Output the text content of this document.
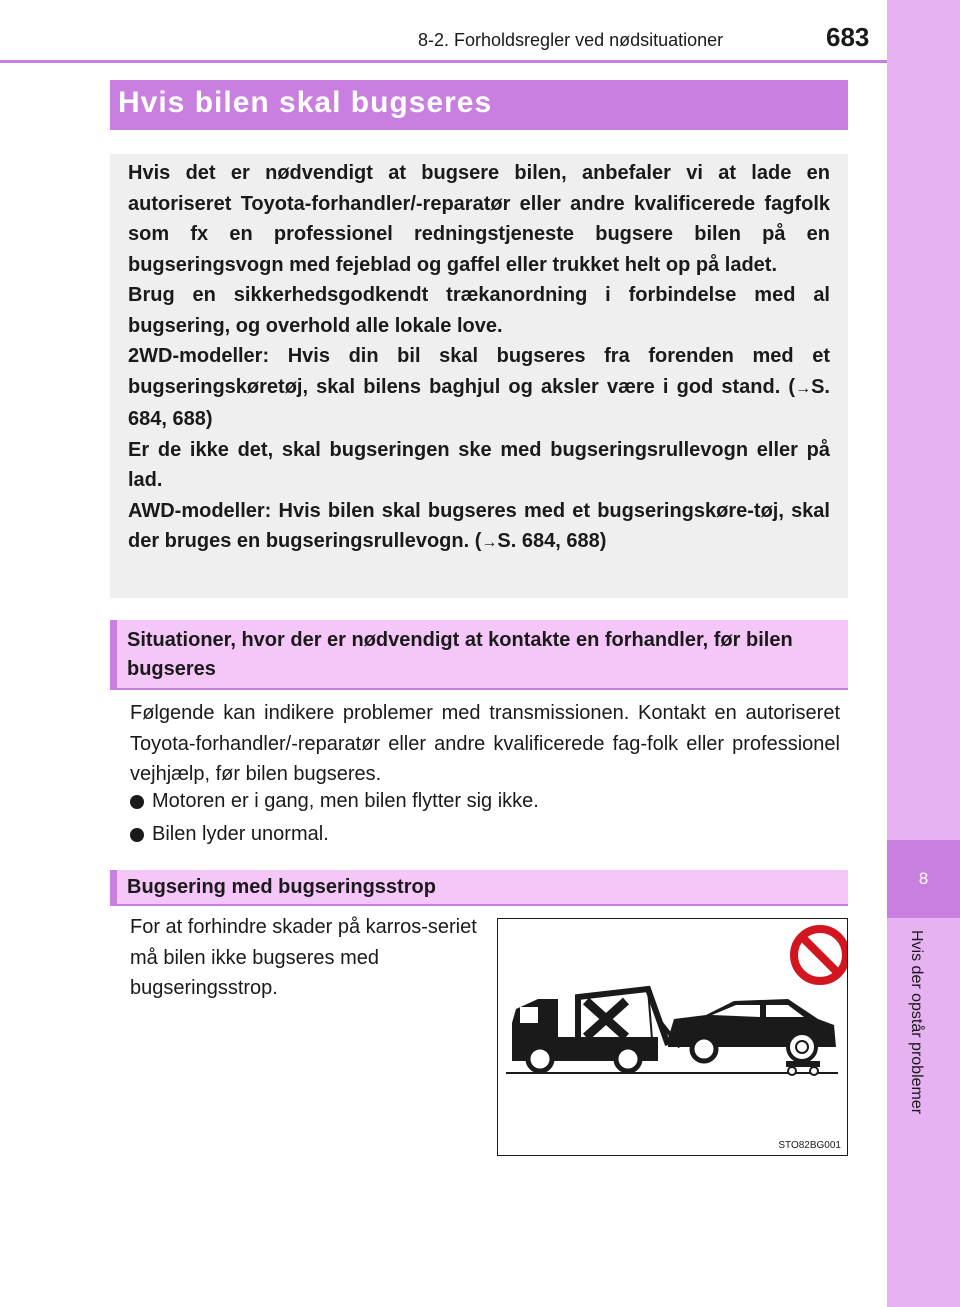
8
Hvis der opstår problemer
8-2. Forholdsregler ved nødsituationer	683
Hvis bilen skal bugseres

Hvis det er nødvendigt at bugsere bilen, anbefaler vi at lade en autoriseret Toyota-forhandler/-reparatør eller andre kvalificerede fagfolk som fx en professionel redningstjeneste bugsere bilen på en bugseringsvogn med fejeblad og gaffel eller trukket helt op på ladet.

Brug en sikkerhedsgodkendt trækanordning i forbindelse med al bugsering, og overhold alle lokale love.

2WD-modeller: Hvis din bil skal bugseres fra forenden med et bugseringskøretøj, skal bilens baghjul og aksler være i god stand. (→S. 684, 688)

Er de ikke det, skal bugseringen ske med bugseringsrullevogn eller på lad.

AWD-modeller: Hvis bilen skal bugseres med et bugseringskøre-tøj, skal der bruges en bugseringsrullevogn. (→S. 684, 688)

Situationer, hvor der er nødvendigt at kontakte en forhandler, før bilen bugseres
Følgende kan indikere problemer med transmissionen. Kontakt en autoriseret Toyota-forhandler/-reparatør eller andre kvalificerede fag-folk eller professionel vejhjælp, før bilen bugseres.
Motoren er i gang, men bilen flytter sig ikke.
Bilen lyder unormal.
Bugsering med bugseringsstrop
For at forhindre skader på karros-seriet må bilen ikke bugseres med bugseringsstrop.
STO82BG001
